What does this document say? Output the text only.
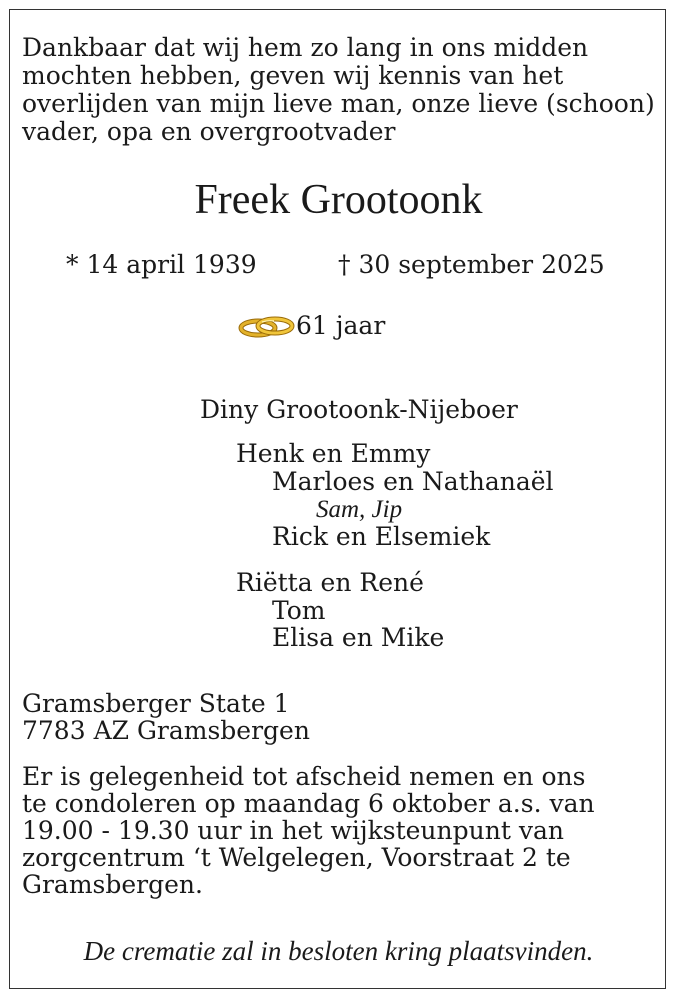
Dankbaar dat wij hem zo lang in ons midden
mochten hebben, geven wij kennis van het
overlijden van mijn lieve man, onze lieve (schoon)
vader, opa en overgrootvader

Freek Grootoonk
* 14 april 1939	† 30 september 2025
61 jaar
Diny Grootoonk-Nijeboer
Henk en Emmy
Marloes en Nathanaël
Sam, Jip
Rick en Elsemiek
Riëtta en René
Tom
Elisa en Mike
Gramsberger State 1
7783 AZ Gramsbergen
Er is gelegenheid tot afscheid nemen en ons
te condoleren op maandag 6 oktober a.s. van
19.00 - 19.30 uur in het wijksteunpunt van
zorgcentrum ‘t Welgelegen, Voorstraat 2 te
Gramsbergen.
De crematie zal in besloten kring plaatsvinden.
